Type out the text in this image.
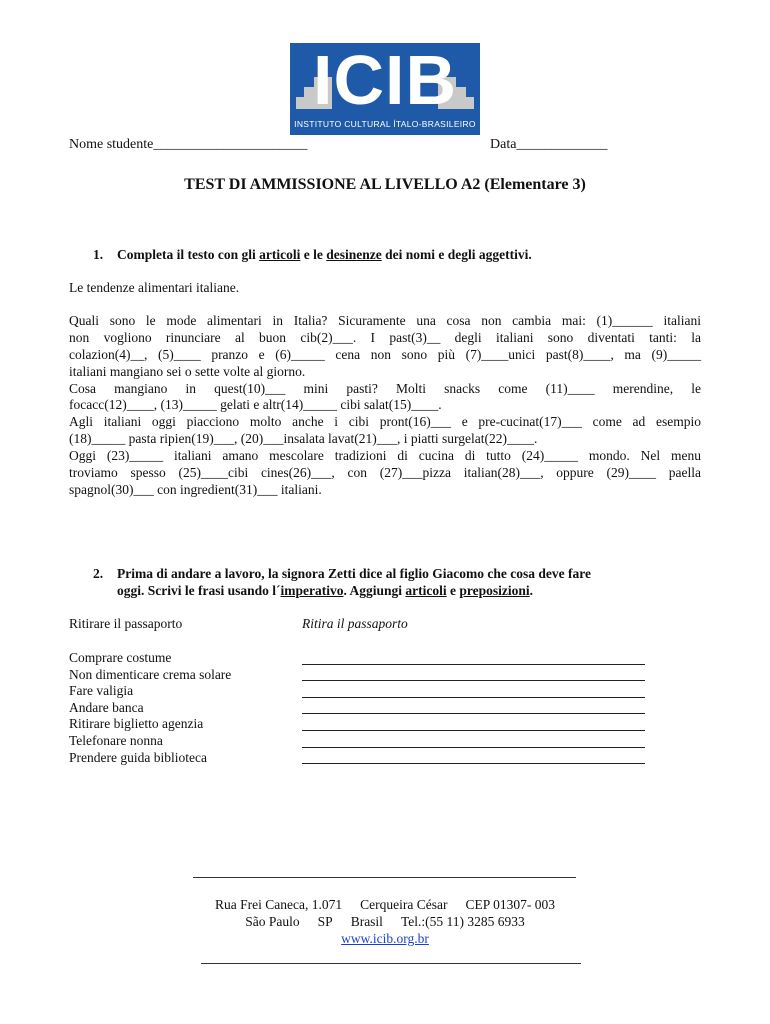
ICIB
INSTITUTO CULTURAL ÍTALO-BRASILEIRO
Nome studente______________________	Data_____________
TEST DI AMMISSIONE AL LIVELLO A2 (Elementare 3)
1. Completa il testo con gli articoli e le desinenze dei nomi e degli aggettivi.
Le tendenze alimentari italiane.
Quali sono le mode alimentari in Italia? Sicuramente una cosa non cambia mai: (1)______ italiani
non vogliono rinunciare al buon cib(2)___. I past(3)__ degli italiani sono diventati tanti: la
colazion(4)__, (5)____ pranzo e (6)_____ cena non sono più (7)____unici past(8)____, ma (9)_____
italiani mangiano sei o sette volte al giorno.
Cosa mangiano in quest(10)___ mini pasti? Molti snacks come (11)____ merendine, le
focacc(12)____, (13)_____ gelati e altr(14)_____ cibi salat(15)____.
Agli italiani oggi piacciono molto anche i cibi pront(16)___ e pre-cucinat(17)___ come ad esempio
(18)_____ pasta ripien(19)___, (20)___insalata lavat(21)___, i piatti surgelat(22)____.
Oggi (23)_____ italiani amano mescolare tradizioni di cucina di tutto (24)_____ mondo. Nel menu
troviamo spesso (25)____cibi cines(26)___, con (27)___pizza italian(28)___, oppure (29)____ paella
spagnol(30)___ con ingredient(31)___ italiani.
2. Prima di andare a lavoro, la signora Zetti dice al figlio Giacomo che cosa deve fare
oggi. Scrivi le frasi usando l´imperativo. Aggiungi articoli e preposizioni.
Ritirare il passaporto	Ritira il passaporto
Comprare costume
Non dimenticare crema solare
Fare valigia
Andare banca
Ritirare biglietto agenzia
Telefonare nonna
Prendere guida biblioteca
Rua Frei Caneca, 1.071 Cerqueira César CEP 01307- 003
São Paulo SP Brasil Tel.:(55 11) 3285 6933
www.icib.org.br
